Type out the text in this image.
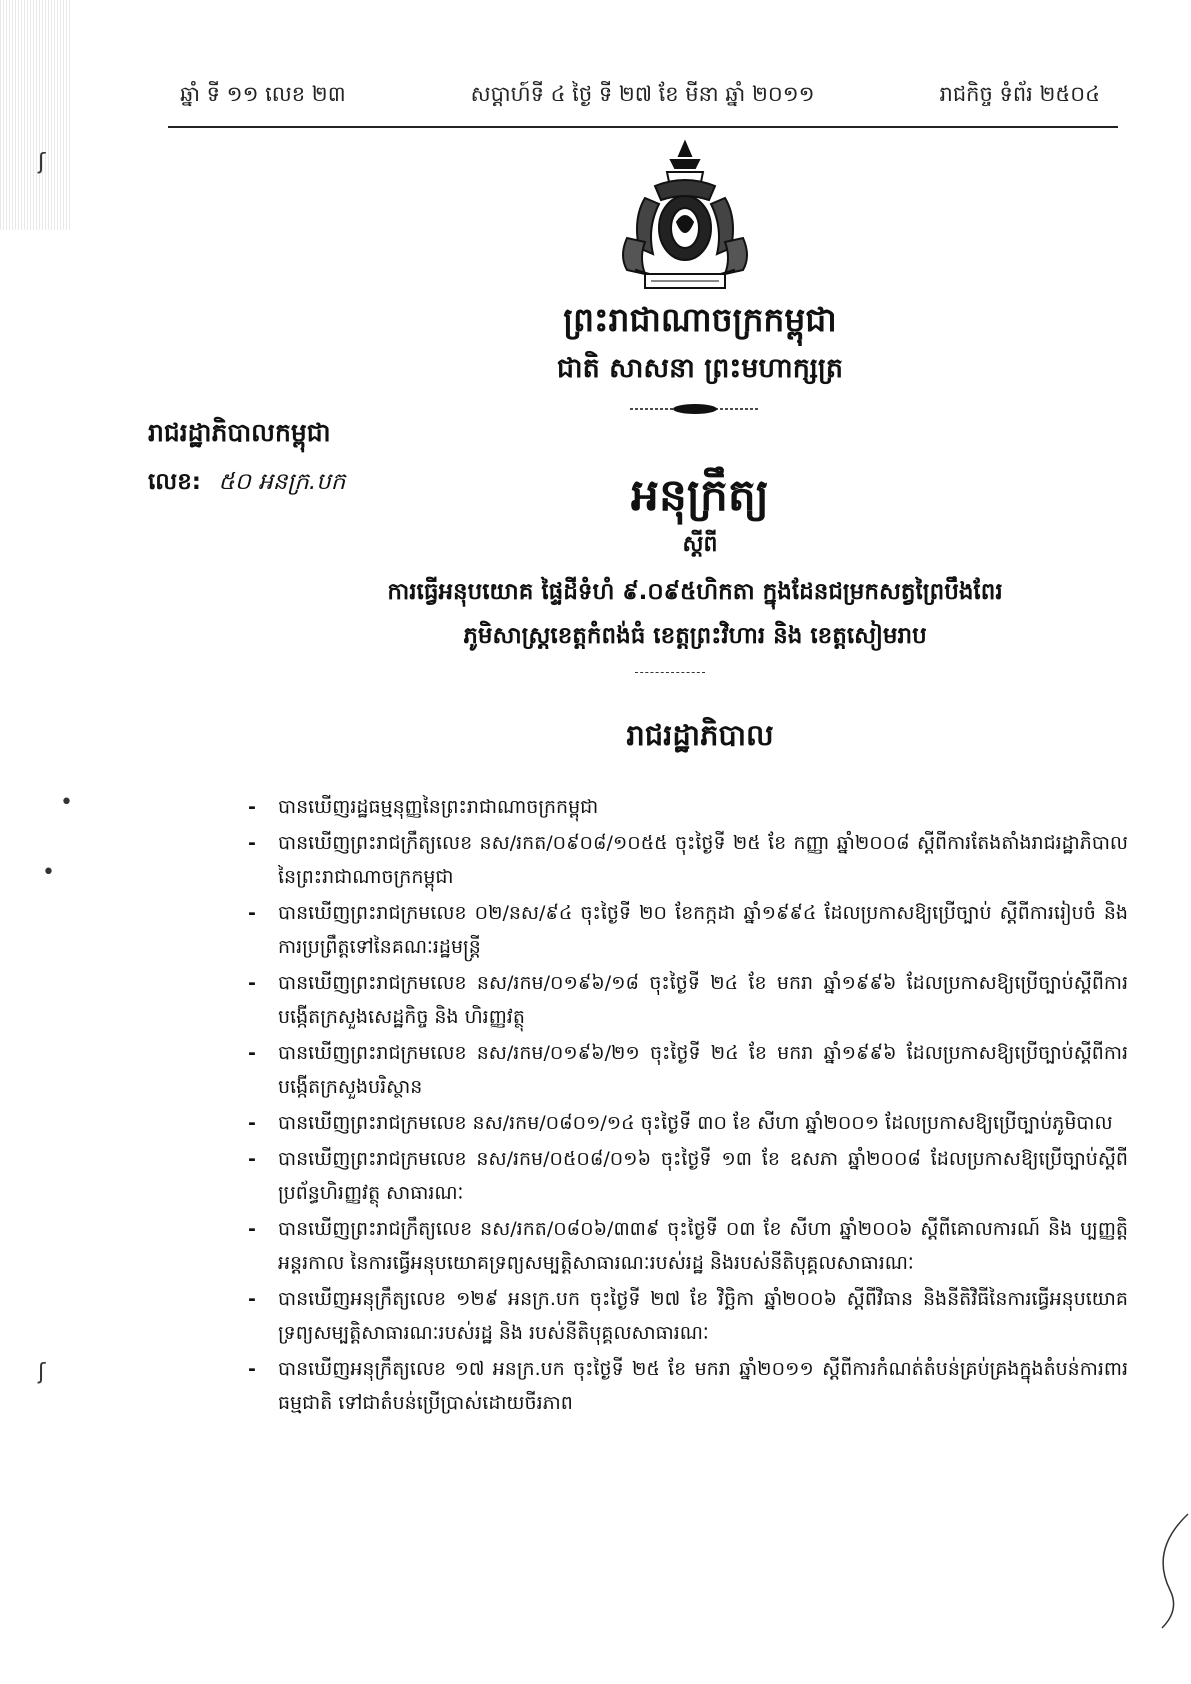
ឆ្នាំ ទី ១១ លេខ ២៣	សប្តាហ៍ទី ៤ ថ្ងៃ ទី ២៧ ខែ មីនា ឆ្នាំ ២០១១	រាជកិច្ច ទំព័រ ២៥០៤
ព្រះរាជាណាចក្រកម្ពុជា
ជាតិ សាសនា ព្រះមហាក្សត្រ
រាជរដ្ឋាភិបាលកម្ពុជា
លេខ: ៥០ អនក្រ.បក	អនុក្រឹត្យ
ស្តីពី
ការធ្វើអនុបយោគ ផ្ទៃដីទំហំ ៩.០៩៥ហិកតា ក្នុងដែនជម្រកសត្វព្រៃបឹងពែរ
ភូមិសាស្ត្រខេត្តកំពង់ធំ ខេត្តព្រះវិហារ និង ខេត្តសៀមរាប
រាជរដ្ឋាភិបាល
-	បានឃើញរដ្ឋធម្មនុញ្ញនៃព្រះរាជាណាចក្រកម្ពុជា
-	បានឃើញព្រះរាជក្រឹត្យលេខ នស/រកត/០៩០៨/១០៥៥ ចុះថ្ងៃទី ២៥ ខែ កញ្ញា ឆ្នាំ២០០៨ ស្តីពីការតែងតាំងរាជរដ្ឋាភិបាល នៃព្រះរាជាណាចក្រកម្ពុជា
-	បានឃើញព្រះរាជក្រមលេខ ០២/នស/៩៤ ចុះថ្ងៃទី ២០ ខែកក្កដា ឆ្នាំ១៩៩៤ ដែលប្រកាសឱ្យប្រើច្បាប់ ស្តីពីការរៀបចំ និង ការប្រព្រឹត្តទៅនៃគណៈរដ្ឋមន្ត្រី
-	បានឃើញព្រះរាជក្រមលេខ នស/រកម/០១៩៦/១៨ ចុះថ្ងៃទី ២៤ ខែ មករា ឆ្នាំ១៩៩៦ ដែលប្រកាសឱ្យប្រើច្បាប់ស្តីពីការបង្កើតក្រសួងសេដ្ឋកិច្ច និង ហិរញ្ញវត្ថុ
-	បានឃើញព្រះរាជក្រមលេខ នស/រកម/០១៩៦/២១ ចុះថ្ងៃទី ២៤ ខែ មករា ឆ្នាំ១៩៩៦ ដែលប្រកាសឱ្យប្រើច្បាប់ស្តីពីការបង្កើតក្រសួងបរិស្ថាន
-	បានឃើញព្រះរាជក្រមលេខ នស/រកម/០៨០១/១៤ ចុះថ្ងៃទី ៣០ ខែ សីហា ឆ្នាំ២០០១ ដែលប្រកាសឱ្យប្រើច្បាប់ភូមិបាល
-	បានឃើញព្រះរាជក្រមលេខ នស/រកម/០៥០៨/០១៦ ចុះថ្ងៃទី ១៣ ខែ ឧសភា ឆ្នាំ២០០៨ ដែលប្រកាសឱ្យប្រើច្បាប់ស្តីពីប្រព័ន្ធហិរញ្ញវត្ថុ សាធារណៈ
-	បានឃើញព្រះរាជក្រឹត្យលេខ នស/រកត/០៨០៦/៣៣៩ ចុះថ្ងៃទី ០៣ ខែ សីហា ឆ្នាំ២០០៦ ស្តីពីគោលការណ៍ និង ប្បញ្ញត្តិអន្តរកាល នៃការធ្វើអនុបយោគទ្រព្យសម្បត្តិសាធារណៈរបស់រដ្ឋ និងរបស់នីតិបុគ្គលសាធារណៈ
-	បានឃើញអនុក្រឹត្យលេខ ១២៩ អនក្រ.បក ចុះថ្ងៃទី ២៧ ខែ វិច្ឆិកា ឆ្នាំ២០០៦ ស្តីពីវិធាន និងនីតិវិធីនៃការធ្វើអនុបយោគទ្រព្យសម្បត្តិសាធារណៈរបស់រដ្ឋ និង របស់នីតិបុគ្គលសាធារណៈ
-	បានឃើញអនុក្រឹត្យលេខ ១៧ អនក្រ.បក ចុះថ្ងៃទី ២៥ ខែ មករា ឆ្នាំ២០១១ ស្តីពីការកំណត់តំបន់គ្រប់គ្រងក្នុងតំបន់ការពារធម្មជាតិ ទៅជាតំបន់ប្រើប្រាស់ដោយចីរភាព
ʃ
•
•
ʃ
